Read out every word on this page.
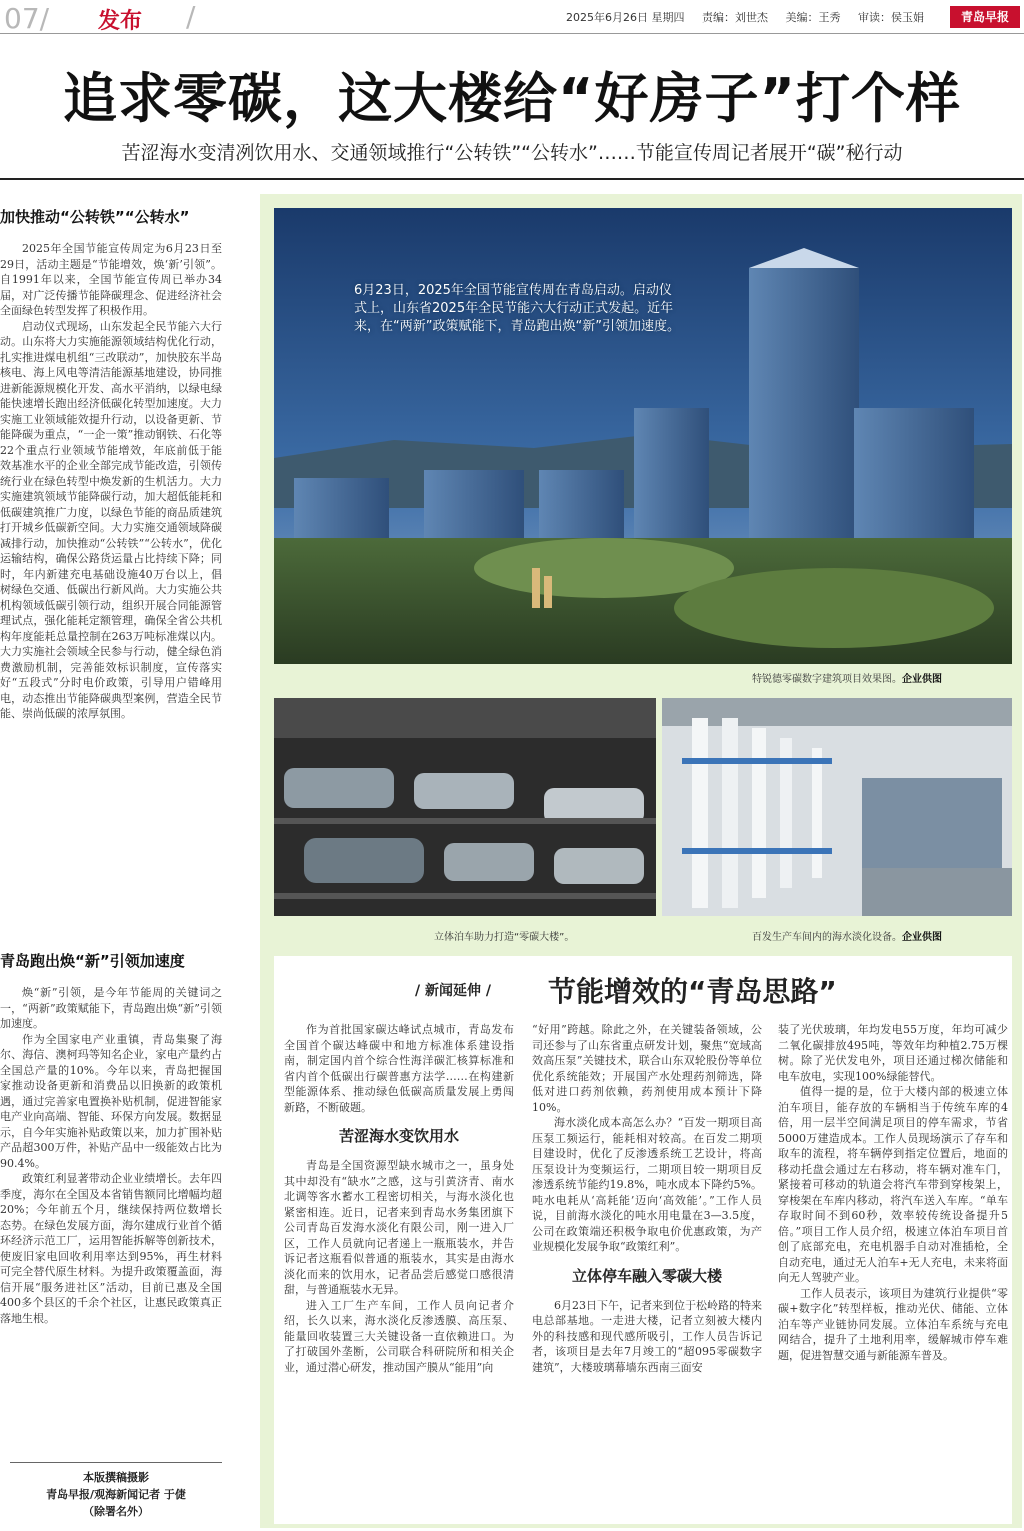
07/ 发布 /	2025年6月26日 星期四 责编：刘世杰 美编：王秀 审读：侯玉娟	青岛早报
追求零碳，这大楼给“好房子”打个样
苦涩海水变清冽饮用水、交通领域推行“公转铁”“公转水”……节能宣传周记者展开“碳”秘行动
加快推动“公转铁”“公转水”

2025年全国节能宣传周定为6月23日至29日，活动主题是“节能增效，焕‘新’引领”。自1991年以来，全国节能宣传周已举办34届，对广泛传播节能降碳理念、促进经济社会全面绿色转型发挥了积极作用。

启动仪式现场，山东发起全民节能六大行动。山东将大力实施能源领域结构优化行动，扎实推进煤电机组“三改联动”，加快胶东半岛核电、海上风电等清洁能源基地建设，协同推进新能源规模化开发、高水平消纳，以绿电绿能快速增长跑出经济低碳化转型加速度。大力实施工业领域能效提升行动，以设备更新、节能降碳为重点，“一企一策”推动钢铁、石化等22个重点行业领域节能增效，年底前低于能效基准水平的企业全部完成节能改造，引领传统行业在绿色转型中焕发新的生机活力。大力实施建筑领域节能降碳行动，加大超低能耗和低碳建筑推广力度，以绿色节能的商品质建筑打开城乡低碳新空间。大力实施交通领域降碳减排行动，加快推动“公转铁”“公转水”，优化运输结构，确保公路货运量占比持续下降；同时，年内新建充电基础设施40万台以上，倡树绿色交通、低碳出行新风尚。大力实施公共机构领域低碳引领行动，组织开展合同能源管理试点，强化能耗定额管理，确保全省公共机构年度能耗总量控制在263万吨标准煤以内。大力实施社会领域全民参与行动，健全绿色消费激励机制，完善能效标识制度，宣传落实好“五段式”分时电价政策，引导用户错峰用电，动态推出节能降碳典型案例，营造全民节能、崇尚低碳的浓厚氛围。

青岛跑出焕“新”引领加速度

焕“新”引领，是今年节能周的关键词之一，“两新”政策赋能下，青岛跑出焕“新”引领加速度。

作为全国家电产业重镇，青岛集聚了海尔、海信、澳柯玛等知名企业，家电产量约占全国总产量的10%。今年以来，青岛把握国家推动设备更新和消费品以旧换新的政策机遇，通过完善家电置换补贴机制，促进智能家电产业向高端、智能、环保方向发展。数据显示，自今年实施补贴政策以来，加力扩围补贴产品超300万件，补贴产品中一级能效占比为90.4%。

政策红利显著带动企业业绩增长。去年四季度，海尔在全国及本省销售额同比增幅均超20%；今年前五个月，继续保持两位数增长态势。在绿色发展方面，海尔建成行业首个循环经济示范工厂，运用智能拆解等创新技术，使废旧家电回收利用率达到95%，再生材料可完全替代原生材料。为提升政策覆盖面，海信开展“服务进社区”活动，目前已惠及全国400多个县区的千余个社区，让惠民政策真正落地生根。

本版撰稿摄影
青岛早报/观海新闻记者 于倢
（除署名外）
6月23日，2025年全国节能宣传周在青岛启动。启动仪式上，山东省2025年全民节能六大行动正式发起。近年来，在“两新”政策赋能下，青岛跑出焕“新”引领加速度。
特锐德零碳数字建筑项目效果图。企业供图
立体泊车助力打造“零碳大楼”。	百发生产车间内的海水淡化设备。企业供图
/ 新闻延伸 / 节能增效的“青岛思路”

作为首批国家碳达峰试点城市，青岛发布全国首个碳达峰碳中和地方标准体系建设指南，制定国内首个综合性海洋碳汇核算标准和省内首个低碳出行碳普惠方法学……在构建新型能源体系、推动绿色低碳高质量发展上勇闯新路，不断破题。

苦涩海水变饮用水

青岛是全国资源型缺水城市之一，虽身处其中却没有“缺水”之感，这与引黄济青、南水北调等客水蓄水工程密切相关，与海水淡化也紧密相连。近日，记者来到青岛水务集团旗下公司青岛百发海水淡化有限公司，刚一进入厂区，工作人员就向记者递上一瓶瓶装水，并告诉记者这瓶看似普通的瓶装水，其实是由海水淡化而来的饮用水，记者品尝后感觉口感很清甜，与普通瓶装水无异。

进入工厂生产车间，工作人员向记者介绍，长久以来，海水淡化反渗透膜、高压泵、能量回收装置三大关键设备一直依赖进口。为了打破国外垄断，公司联合科研院所和相关企业，通过潜心研发，推动国产膜从“能用”向

“好用”跨越。除此之外，在关键装备领域，公司还参与了山东省重点研发计划，聚焦“宽域高效高压泵”关键技术，联合山东双轮股份等单位优化系统能效；开展国产水处理药剂筛选，降低对进口药剂依赖，药剂使用成本预计下降10%。

海水淡化成本高怎么办？“百发一期项目高压泵工频运行，能耗相对较高。在百发二期项目建设时，优化了反渗透系统工艺设计，将高压泵设计为变频运行，二期项目较一期项目反渗透系统节能约19.8%，吨水成本下降约5%。吨水电耗从‘高耗能’迈向‘高效能’。”工作人员说，目前海水淡化的吨水用电量在3—3.5度，公司在政策端还积极争取电价优惠政策，为产业规模化发展争取“政策红利”。

立体停车融入零碳大楼

6月23日下午，记者来到位于松岭路的特来电总部基地。一走进大楼，记者立刻被大楼内外的科技感和现代感所吸引，工作人员告诉记者，该项目是去年7月竣工的“超095零碳数字建筑”，大楼玻璃幕墙东西南三面安

装了光伏玻璃，年均发电55万度，年均可减少二氧化碳排放495吨，等效年均种植2.75万棵树。除了光伏发电外，项目还通过梯次储能和电车放电，实现100%绿能替代。

值得一提的是，位于大楼内部的极速立体泊车项目，能存放的车辆相当于传统车库的4倍，用一层半空间满足项目的停车需求，节省5000万建造成本。工作人员现场演示了存车和取车的流程，将车辆停到指定位置后，地面的移动托盘会通过左右移动，将车辆对准车门，紧接着可移动的轨道会将汽车带到穿梭架上，穿梭架在车库内移动，将汽车送入车库。“单车存取时间不到60秒，效率较传统设备提升5倍。”项目工作人员介绍，极速立体泊车项目首创了底部充电，充电机器手自动对准插枪，全自动充电，通过无人泊车+无人充电，未来将面向无人驾驶产业。

工作人员表示，该项目为建筑行业提供“零碳+数字化”转型样板，推动光伏、储能、立体泊车等产业链协同发展。立体泊车系统与充电网结合，提升了土地利用率，缓解城市停车难题，促进智慧交通与新能源车普及。
